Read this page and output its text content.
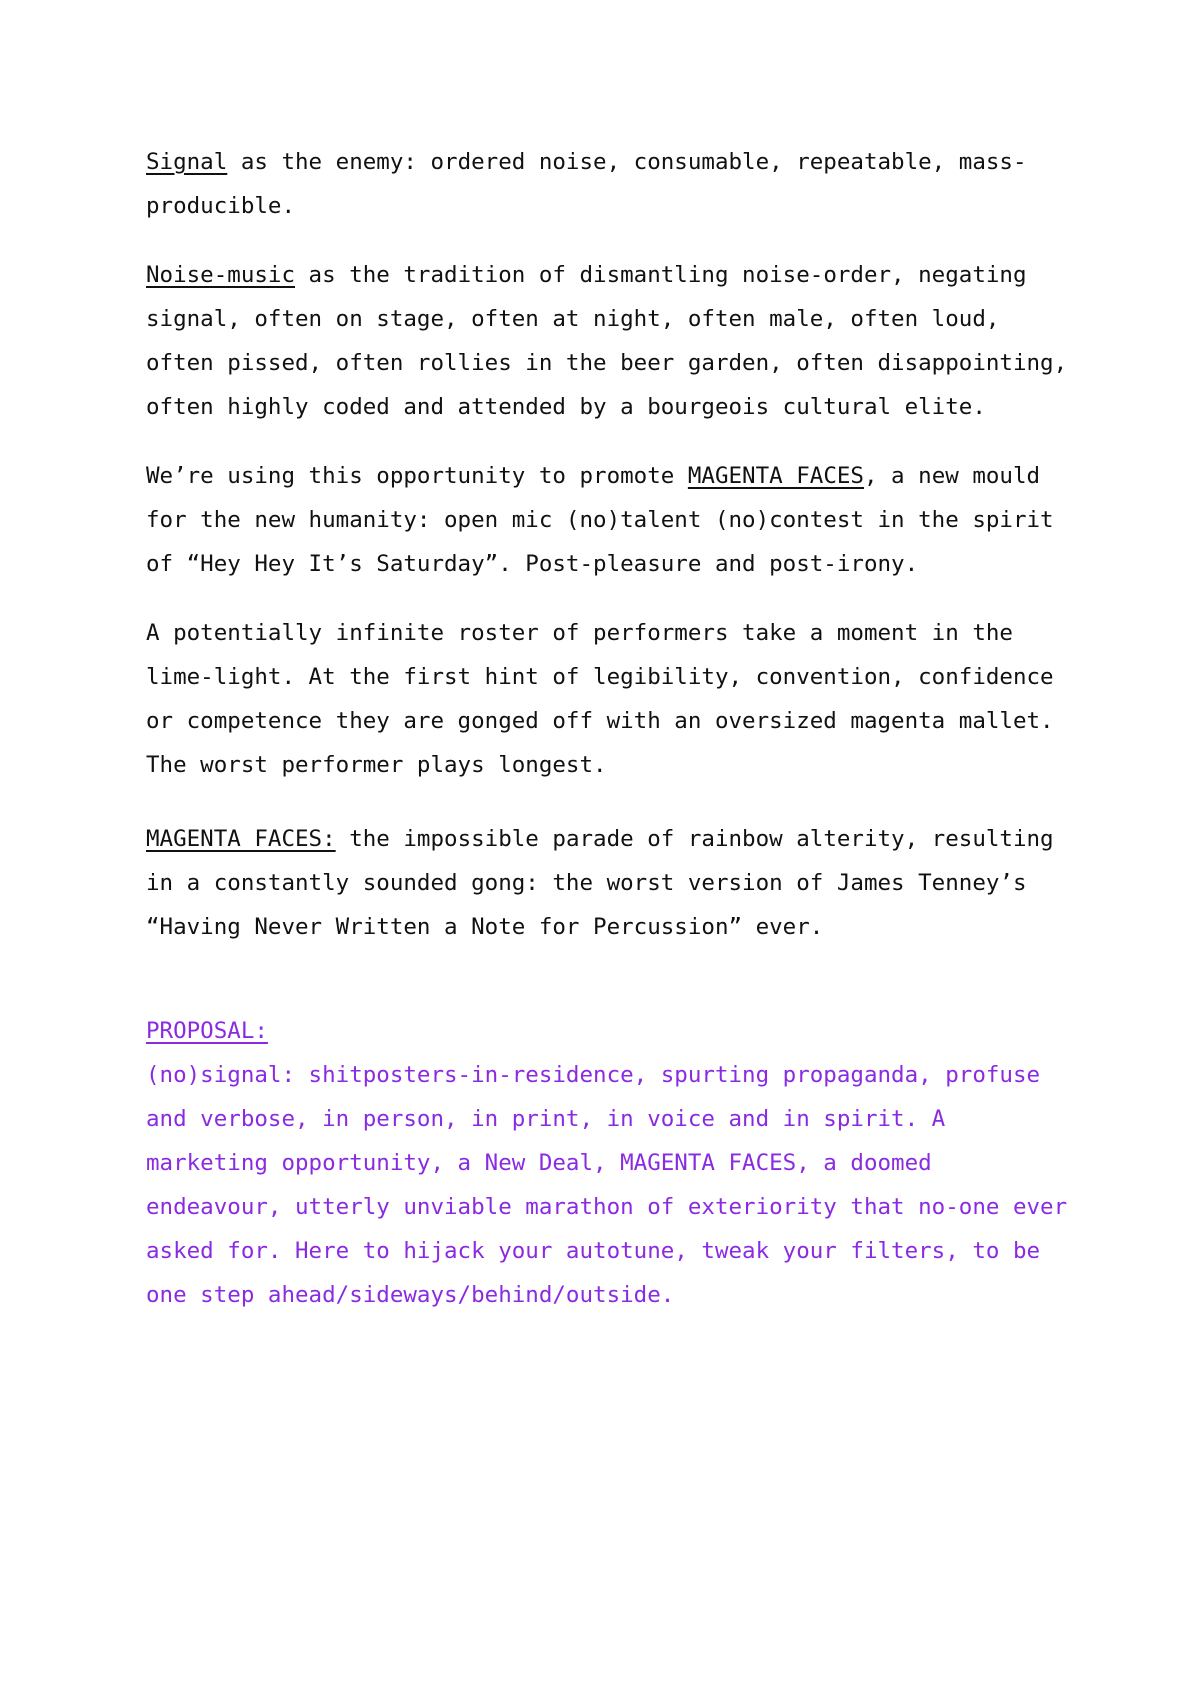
Signal as the enemy: ordered noise, consumable, repeatable, mass-producible.

Noise-music as the tradition of dismantling noise-order, negating signal, often on stage, often at night, often male, often loud, often pissed, often rollies in the beer garden, often disappointing, often highly coded and attended by a bourgeois cultural elite.

We’re using this opportunity to promote MAGENTA FACES, a new mould for the new humanity: open mic (no)talent (no)contest in the spirit of “Hey Hey It’s Saturday”. Post-pleasure and post-irony.

A potentially infinite roster of performers take a moment in the lime-light. At the first hint of legibility, convention, confidence or competence they are gonged off with an oversized magenta mallet. The worst performer plays longest.

MAGENTA FACES: the impossible parade of rainbow alterity, resulting in a constantly sounded gong: the worst version of James Tenney’s “Having Never Written a Note for Percussion” ever.

PROPOSAL:
(no)signal: shitposters-in-residence, spurting propaganda, profuse and verbose, in person, in print, in voice and in spirit. A marketing opportunity, a New Deal, MAGENTA FACES, a doomed endeavour, utterly unviable marathon of exteriority that no-one ever asked for. Here to hijack your autotune, tweak your filters, to be one step ahead/sideways/behind/outside.
